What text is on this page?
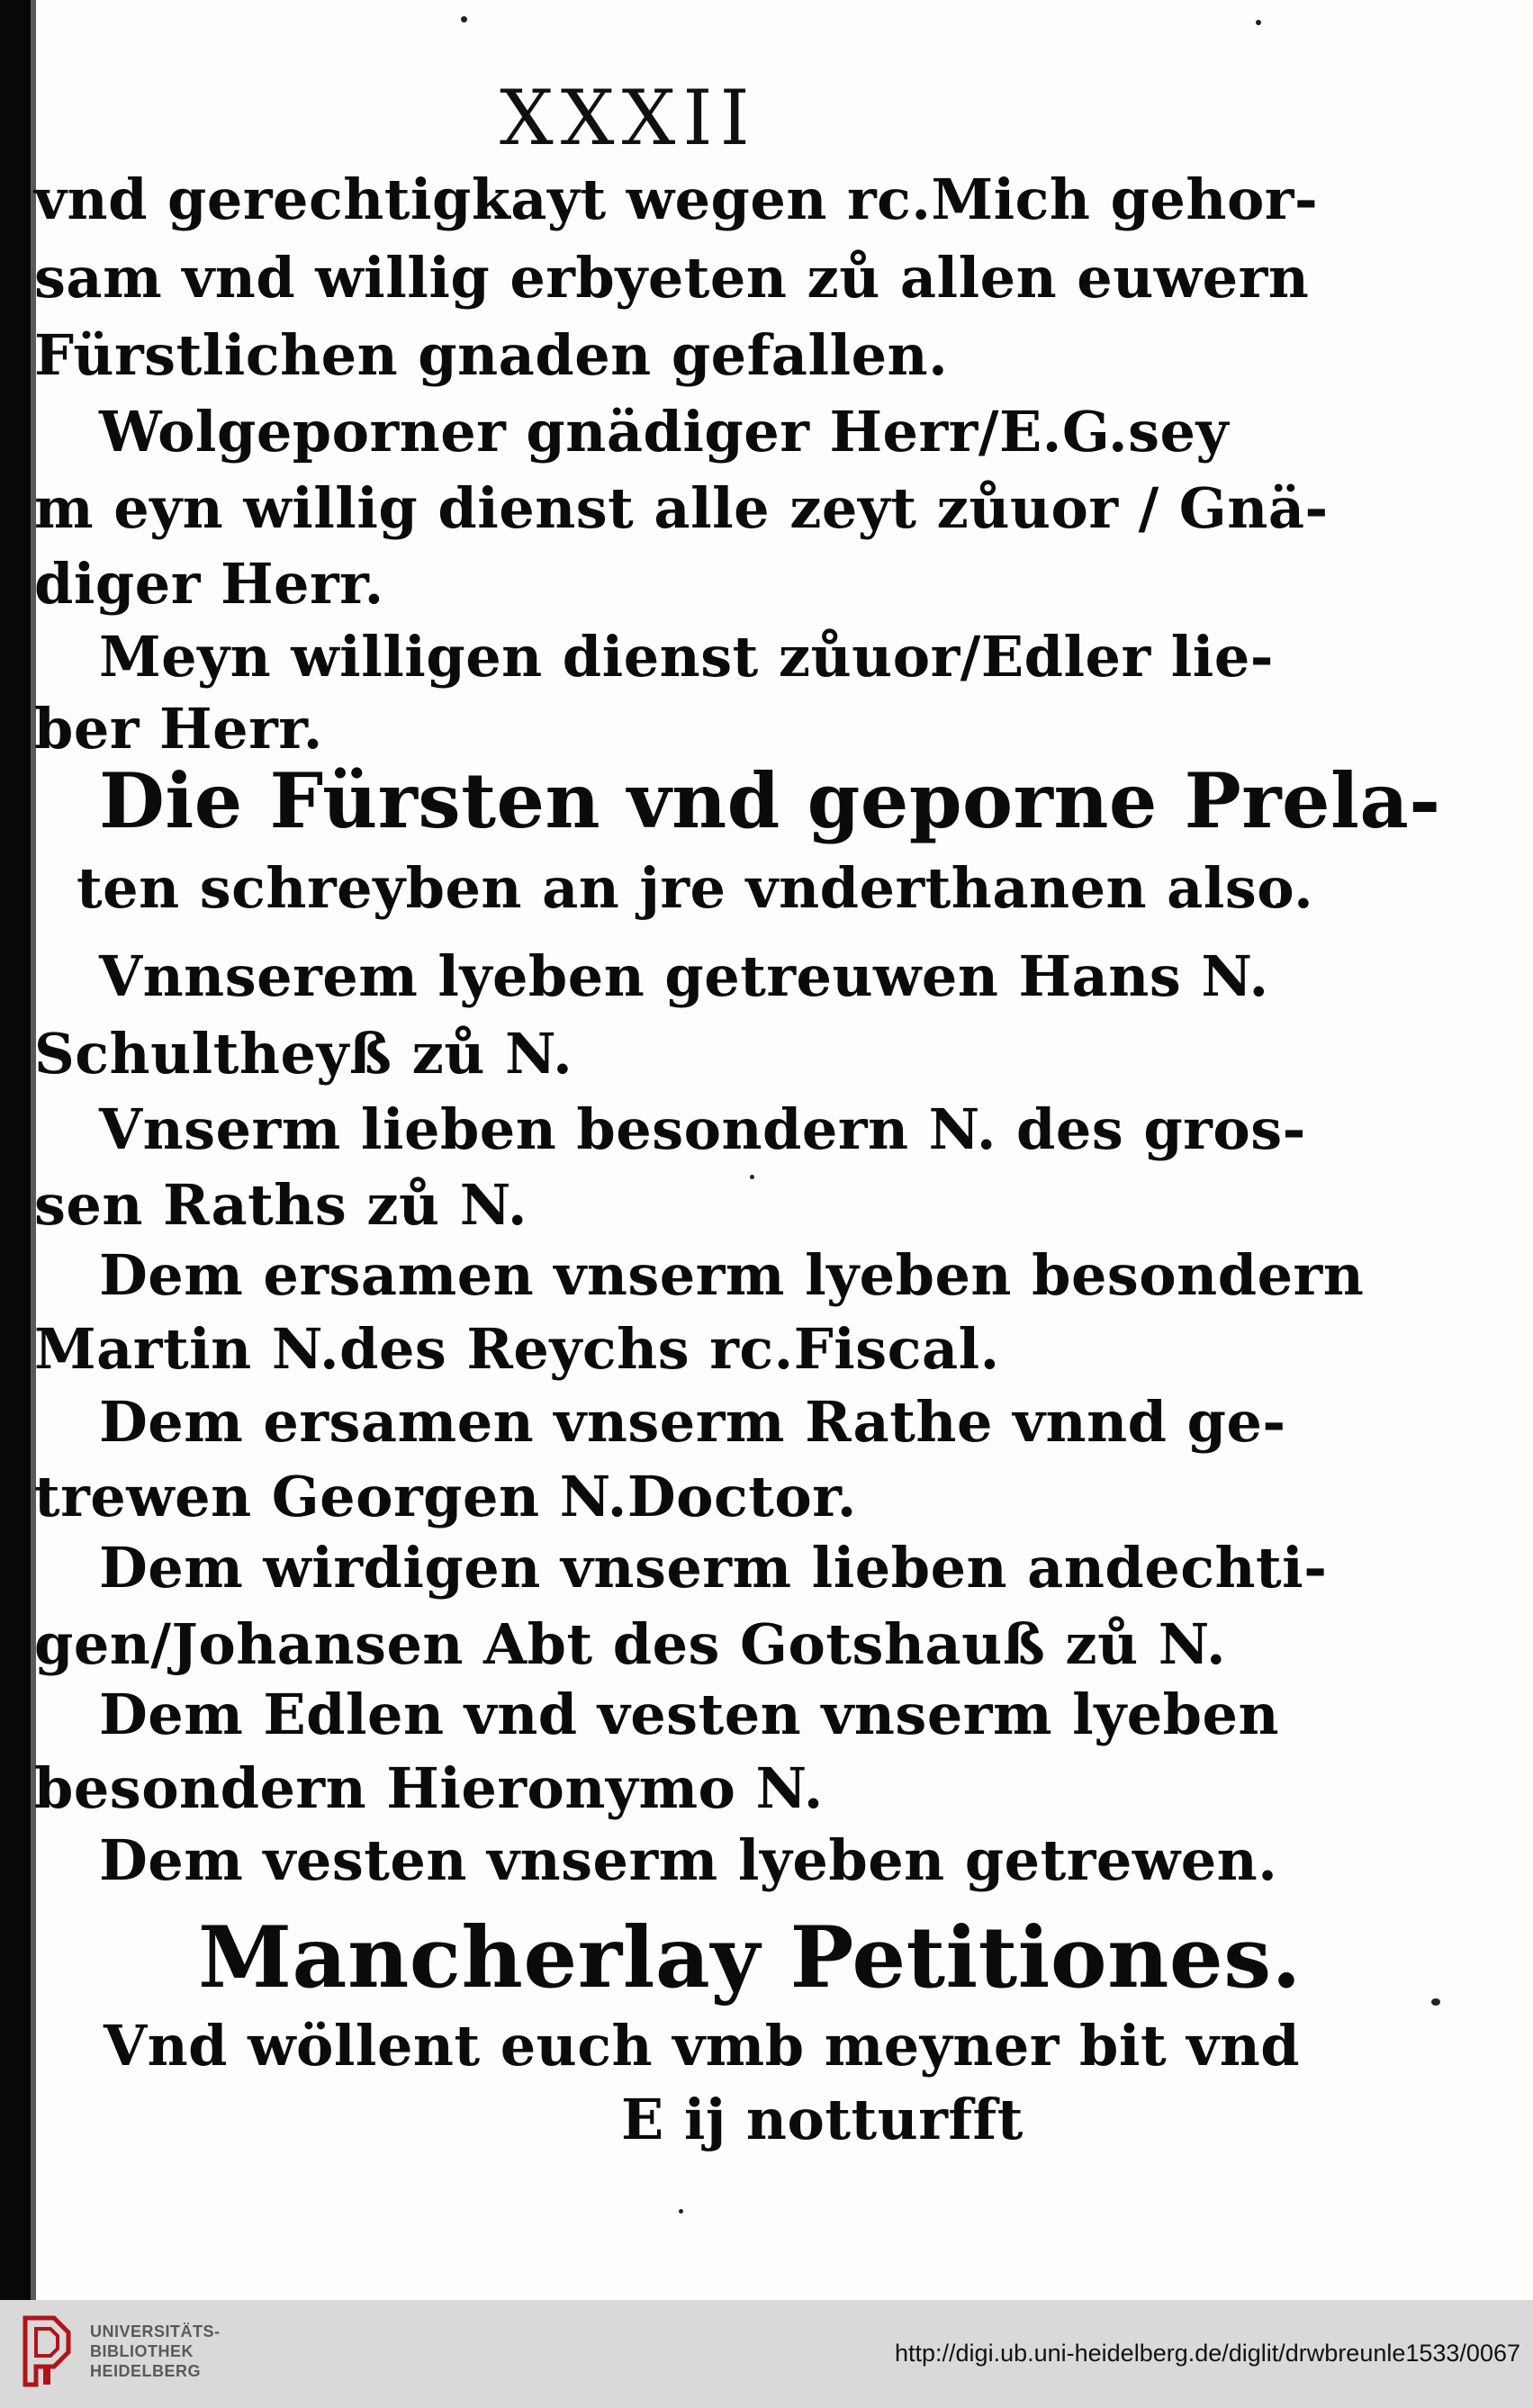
XXXII
vnd gerechtigkayt wegen rc.Mich gehor-
sam vnd willig erbyeten zů allen euwern
Fürstlichen gnaden gefallen.
Wolgeporner gnädiger Herr/E.G.sey
m eyn willig dienst alle zeyt zůuor / Gnä-
diger Herr.
Meyn willigen dienst zůuor/Edler lie-
ber Herr.
Die Fürsten vnd geporne Prela-
ten schreyben an jre vnderthanen also.
Vnnserem lyeben getreuwen Hans N.
Schultheyß zů N.
Vnserm lieben besondern N. des gros-
sen Raths zů N.
Dem ersamen vnserm lyeben besondern
Martin N.des Reychs rc.Fiscal.
Dem ersamen vnserm Rathe vnnd ge-
trewen Georgen N.Doctor.
Dem wirdigen vnserm lieben andechti-
gen/Johansen Abt des Gotshauß zů N.
Dem Edlen vnd vesten vnserm lyeben
besondern Hieronymo N.
Dem vesten vnserm lyeben getrewen.
Mancherlay Petitiones.
Vnd wöllent euch vmb meyner bit vnd
E ij notturfft
UNIVERSITÄTS-
BIBLIOTHEK
HEIDELBERG
http://digi.ub.uni-heidelberg.de/diglit/drwbreunle1533/0067
